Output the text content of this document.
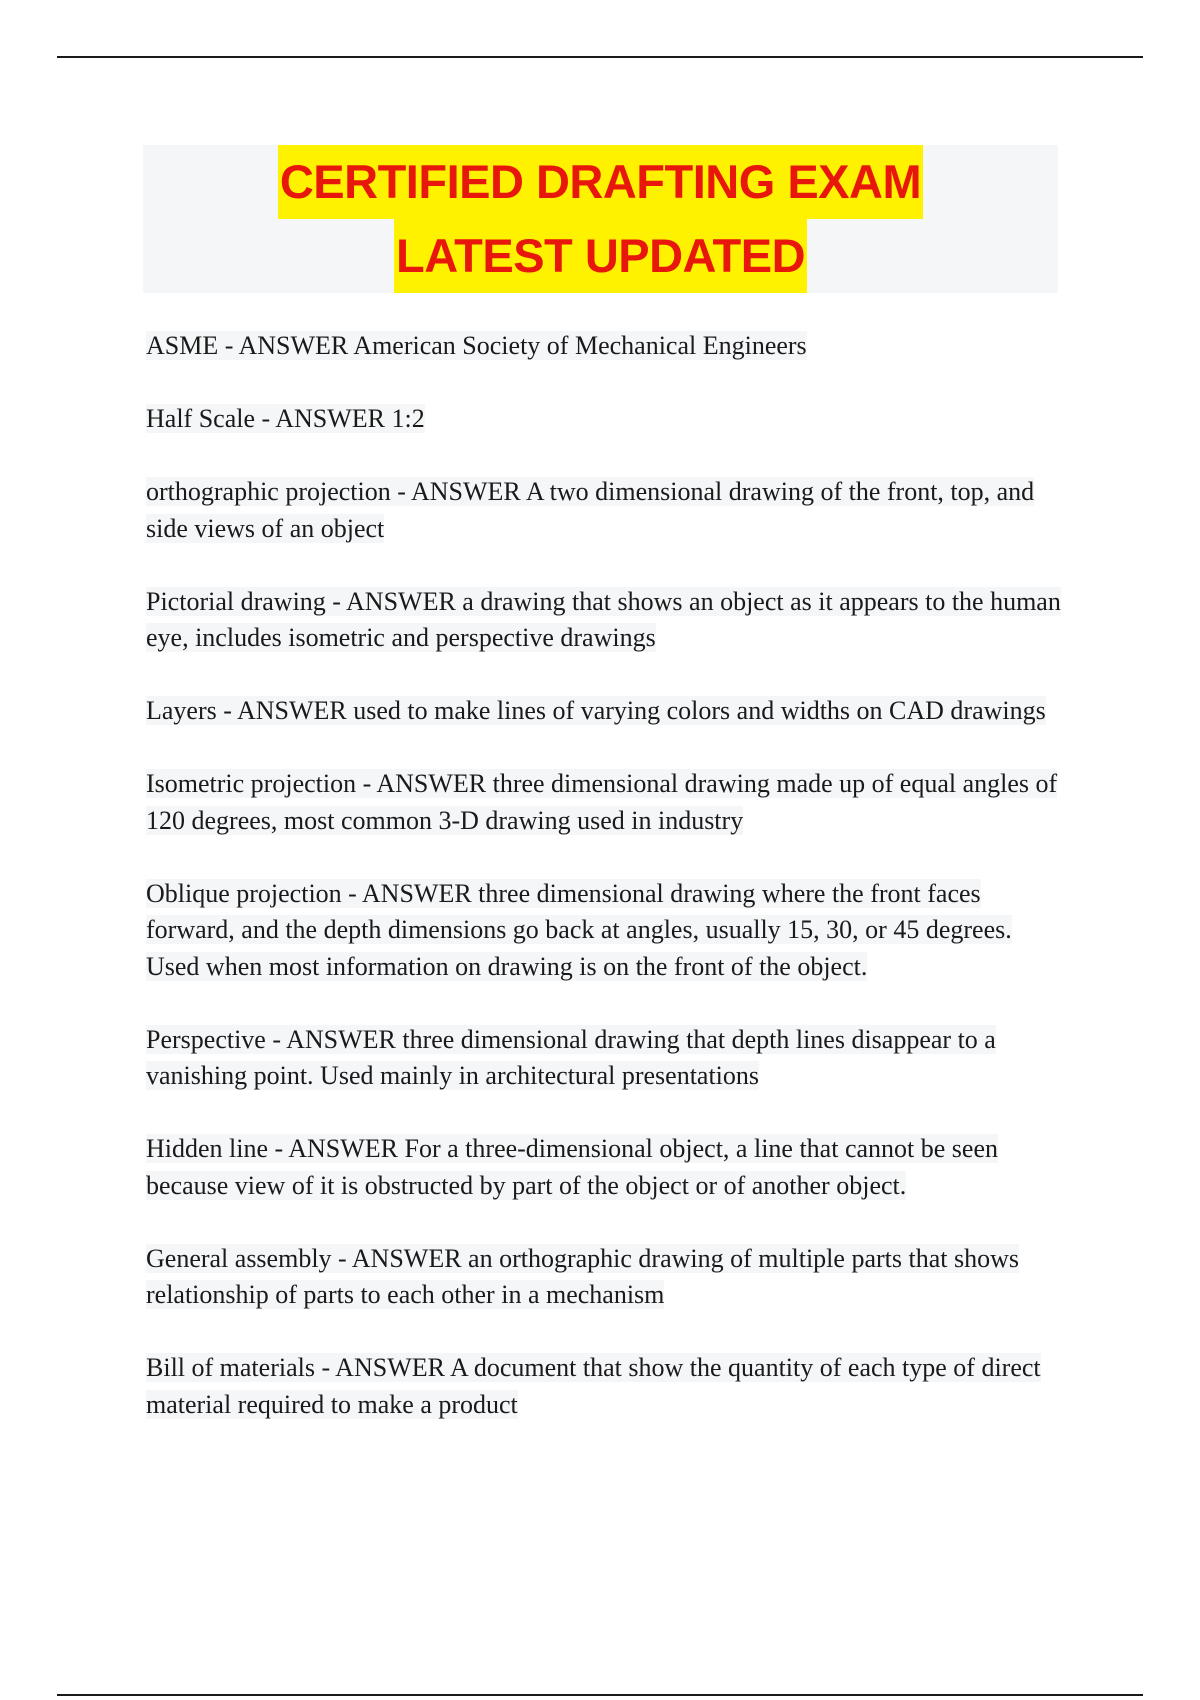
CERTIFIED DRAFTING EXAM
LATEST UPDATED

ASME - ANSWER American Society of Mechanical Engineers

Half Scale - ANSWER 1:2

orthographic projection - ANSWER A two dimensional drawing of the front, top, and side views of an object

Pictorial drawing - ANSWER a drawing that shows an object as it appears to the human eye, includes isometric and perspective drawings

Layers - ANSWER used to make lines of varying colors and widths on CAD drawings

Isometric projection - ANSWER three dimensional drawing made up of equal angles of 120 degrees, most common 3-D drawing used in industry

Oblique projection - ANSWER three dimensional drawing where the front faces forward, and the depth dimensions go back at angles, usually 15, 30, or 45 degrees. Used when most information on drawing is on the front of the object.

Perspective - ANSWER three dimensional drawing that depth lines disappear to a vanishing point. Used mainly in architectural presentations

Hidden line - ANSWER For a three-dimensional object, a line that cannot be seen because view of it is obstructed by part of the object or of another object.

General assembly - ANSWER an orthographic drawing of multiple parts that shows relationship of parts to each other in a mechanism

Bill of materials - ANSWER A document that show the quantity of each type of direct material required to make a product
